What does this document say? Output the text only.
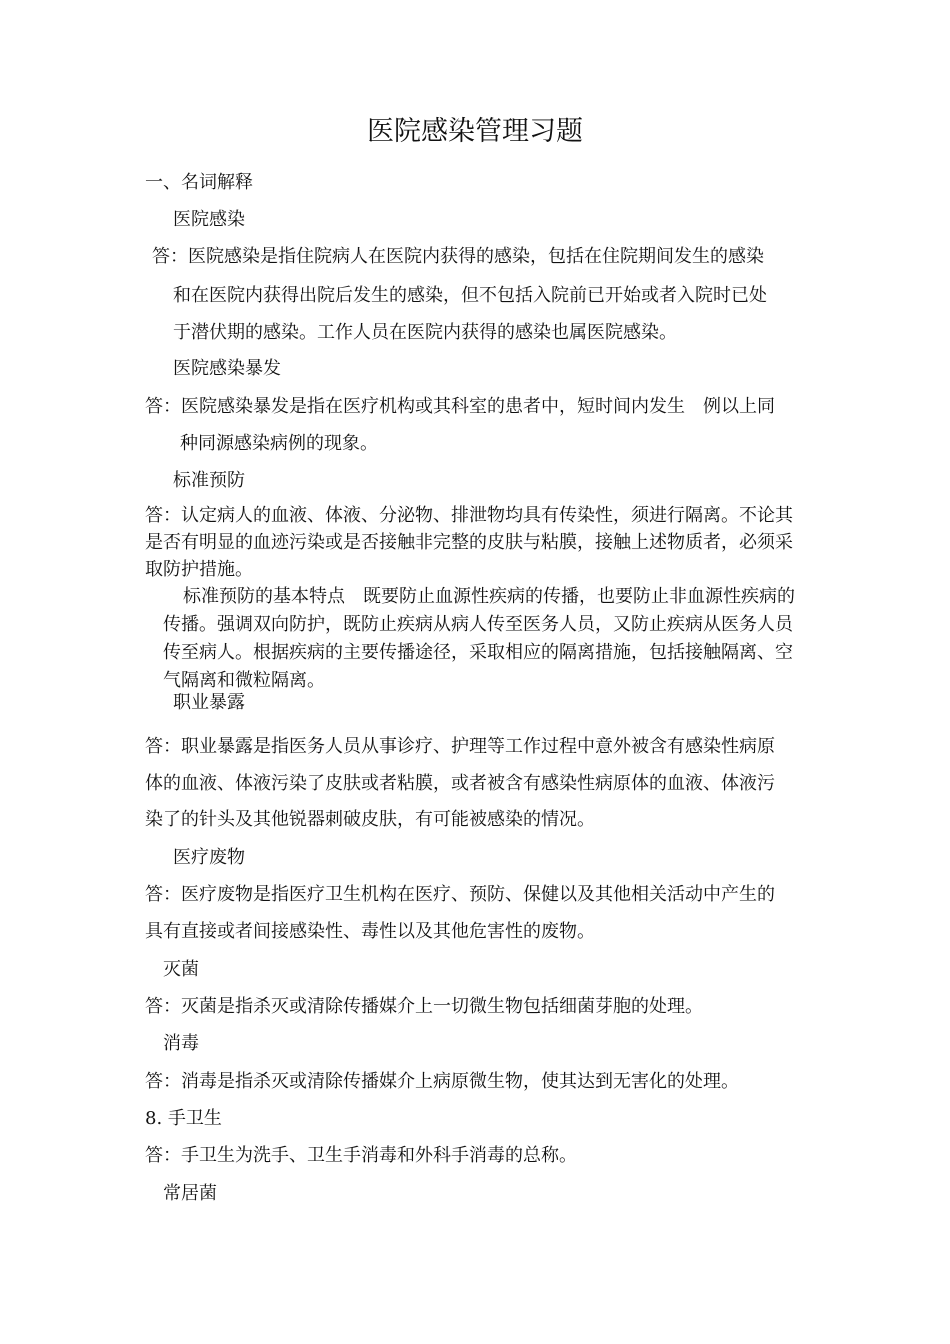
医院感染管理习题
一、名词解释
医院感染
答：医院感染是指住院病人在医院内获得的感染，包括在住院期间发生的感染
和在医院内获得出院后发生的感染，但不包括入院前已开始或者入院时已处
于潜伏期的感染。工作人员在医院内获得的感染也属医院感染。
医院感染暴发
答：医院感染暴发是指在医疗机构或其科室的患者中，短时间内发生　例以上同
种同源感染病例的现象。
标准预防
答：认定病人的血液、体液、分泌物、排泄物均具有传染性，须进行隔离。不论其是否有明显的血迹污染或是否接触非完整的皮肤与粘膜，接触上述物质者，必须采取防护措施。
标准预防的基本特点　既要防止血源性疾病的传播，也要防止非血源性疾病的传播。强调双向防护，既防止疾病从病人传至医务人员，又防止疾病从医务人员传至病人。根据疾病的主要传播途径，采取相应的隔离措施，包括接触隔离、空气隔离和微粒隔离。
职业暴露
答：职业暴露是指医务人员从事诊疗、护理等工作过程中意外被含有感染性病原
体的血液、体液污染了皮肤或者粘膜，或者被含有感染性病原体的血液、体液污
染了的针头及其他锐器刺破皮肤，有可能被感染的情况。
医疗废物
答：医疗废物是指医疗卫生机构在医疗、预防、保健以及其他相关活动中产生的
具有直接或者间接感染性、毒性以及其他危害性的废物。
灭菌
答：灭菌是指杀灭或清除传播媒介上一切微生物包括细菌芽胞的处理。
消毒
答：消毒是指杀灭或清除传播媒介上病原微生物，使其达到无害化的处理。
8. 手卫生
答：手卫生为洗手、卫生手消毒和外科手消毒的总称。
常居菌
